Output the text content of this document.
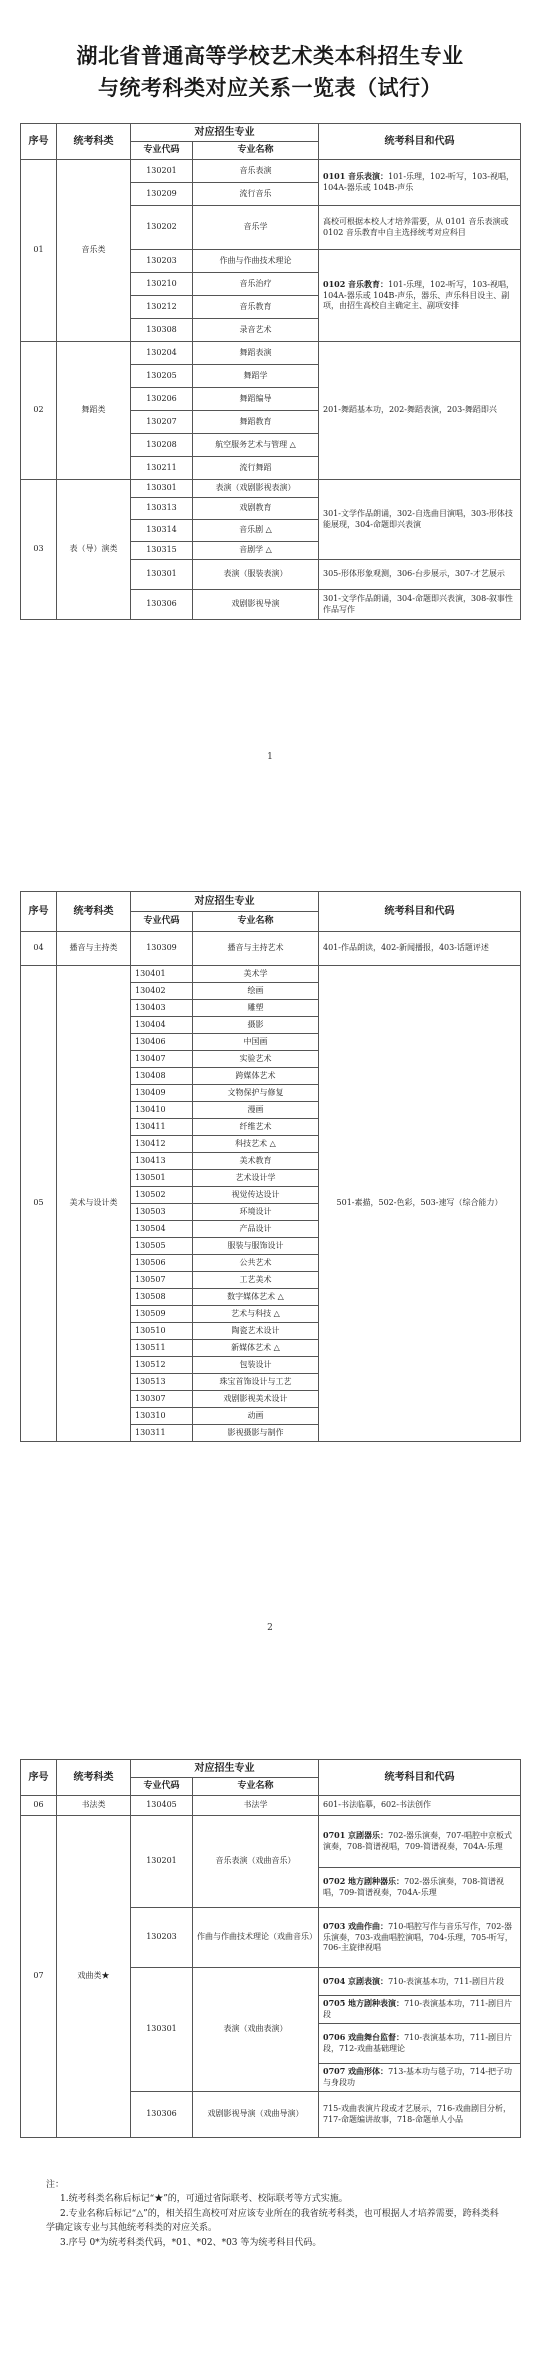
湖北省普通高等学校艺术类本科招生专业
与统考科类对应关系一览表（试行）
序号	统考科类	对应招生专业		统考科目和代码
		专业代码	专业名称	
01	音乐类	130201	音乐表演	0101 音乐表演：101-乐理，102-听写，103-视唱，104A-器乐或 104B-声乐
		130209	流行音乐	
		130202	音乐学	高校可根据本校人才培养需要，从 0101 音乐表演或 0102 音乐教育中自主选择统考对应科目
		130203	作曲与作曲技术理论	0102 音乐教育：101-乐理，102-听写，103-视唱，104A-器乐或 104B-声乐，器乐、声乐科目设主、副项，由招生高校自主确定主、副项安排
		130210	音乐治疗	
		130212	音乐教育	
		130308	录音艺术	
02	舞蹈类	130204	舞蹈表演	201-舞蹈基本功，202-舞蹈表演，203-舞蹈即兴
		130205	舞蹈学	
		130206	舞蹈编导	
		130207	舞蹈教育	
		130208	航空服务艺术与管理 △	
		130211	流行舞蹈	
03	表（导）演类	130301	表演（戏剧影视表演）	301-文学作品朗诵，302-自选曲目演唱，303-形体技能展现，304-命题即兴表演
		130313	戏剧教育	
		130314	音乐剧 △	
		130315	音剧学 △	
		130301	表演（服装表演）	305-形体形象观测，306-台步展示，307-才艺展示
		130306	戏剧影视导演	301-文学作品朗诵，304-命题即兴表演，308-叙事性作品写作
1
序号	统考科类	对应招生专业		统考科目和代码
		专业代码	专业名称	
04	播音与主持类	130309	播音与主持艺术	401-作品朗读，402-新闻播报，403-话题评述
05	美术与设计类	130401	美术学	501-素描，502-色彩，503-速写（综合能力）
		130402	绘画	
		130403	雕塑	
		130404	摄影	
		130406	中国画	
		130407	实验艺术	
		130408	跨媒体艺术	
		130409	文物保护与修复	
		130410	漫画	
		130411	纤维艺术	
		130412	科技艺术 △	
		130413	美术教育	
		130501	艺术设计学	
		130502	视觉传达设计	
		130503	环境设计	
		130504	产品设计	
		130505	服装与服饰设计	
		130506	公共艺术	
		130507	工艺美术	
		130508	数字媒体艺术 △	
		130509	艺术与科技 △	
		130510	陶瓷艺术设计	
		130511	新媒体艺术 △	
		130512	包装设计	
		130513	珠宝首饰设计与工艺	
		130307	戏剧影视美术设计	
		130310	动画	
		130311	影视摄影与制作	
2
序号	统考科类	对应招生专业		统考科目和代码
		专业代码	专业名称	
06	书法类	130405	书法学	601-书法临摹，602-书法创作
07	戏曲类★	130201	音乐表演（戏曲音乐）	0701 京剧器乐：702-器乐演奏，707-唱腔中京板式演奏，708-简谱视唱，709-简谱视奏，704A-乐理
				0702 地方剧种器乐：702-器乐演奏，708-简谱视唱，709-简谱视奏，704A-乐理
		130203	作曲与作曲技术理论（戏曲音乐）	0703 戏曲作曲：710-唱腔写作与音乐写作，702-器乐演奏，703-戏曲唱腔演唱，704-乐理，705-听写，706-主旋律视唱
		130301	表演（戏曲表演）	0704 京剧表演：710-表演基本功，711-剧目片段
				0705 地方剧种表演：710-表演基本功，711-剧目片段
				0706 戏曲舞台监督：710-表演基本功，711-剧目片段，712-戏曲基础理论
				0707 戏曲形体：713-基本功与毯子功，714-把子功与身段功
		130306	戏剧影视导演（戏曲导演）	715-戏曲表演片段或才艺展示，716-戏曲剧目分析，717-命题编讲故事，718-命题单人小品
注：
1.统考科类名称后标记“★”的，可通过省际联考、校际联考等方式实施。
2.专业名称后标记“△”的，相关招生高校可对应该专业所在的我省统考科类，也可根据人才培养需要，跨科类科学确定该专业与其他统考科类的对应关系。
3.序号 0*为统考科类代码，*01、*02、*03 等为统考科目代码。
